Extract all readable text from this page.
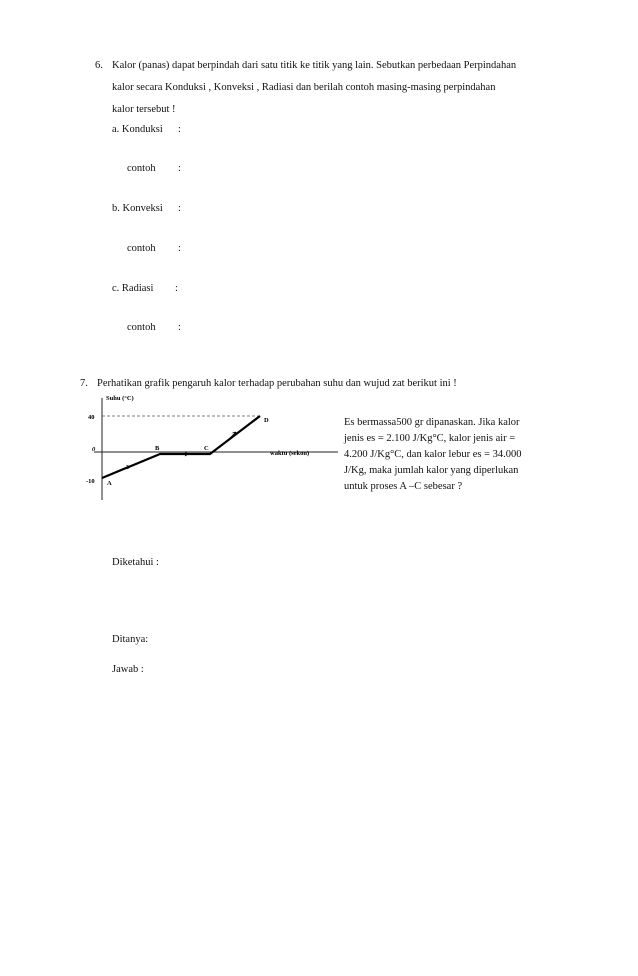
6. Kalor (panas) dapat berpindah dari satu titik ke titik yang lain. Sebutkan perbedaan Perpindahan
kalor secara Konduksi , Konveksi , Radiasi dan berilah contoh masing-masing perpindahan
kalor tersebut !
a. Konduksi :
contoh :
b. Konveksi :
contoh :
c. Radiasi :
contoh :
7. Perhatikan grafik pengaruh kalor terhadap perubahan suhu dan wujud zat berikut ini !
Suhu (°C)
waktu (sekon)
40
0
-10 A
B	C
D	Es bermassa500 gr dipanaskan. Jika kalor
jenis es = 2.100 J/Kg°C, kalor jenis air =
4.200 J/Kg°C, dan kalor lebur es = 34.000
J/Kg, maka jumlah kalor yang diperlukan
untuk proses A –C sebesar ?
Diketahui :
Ditanya:
Jawab :
